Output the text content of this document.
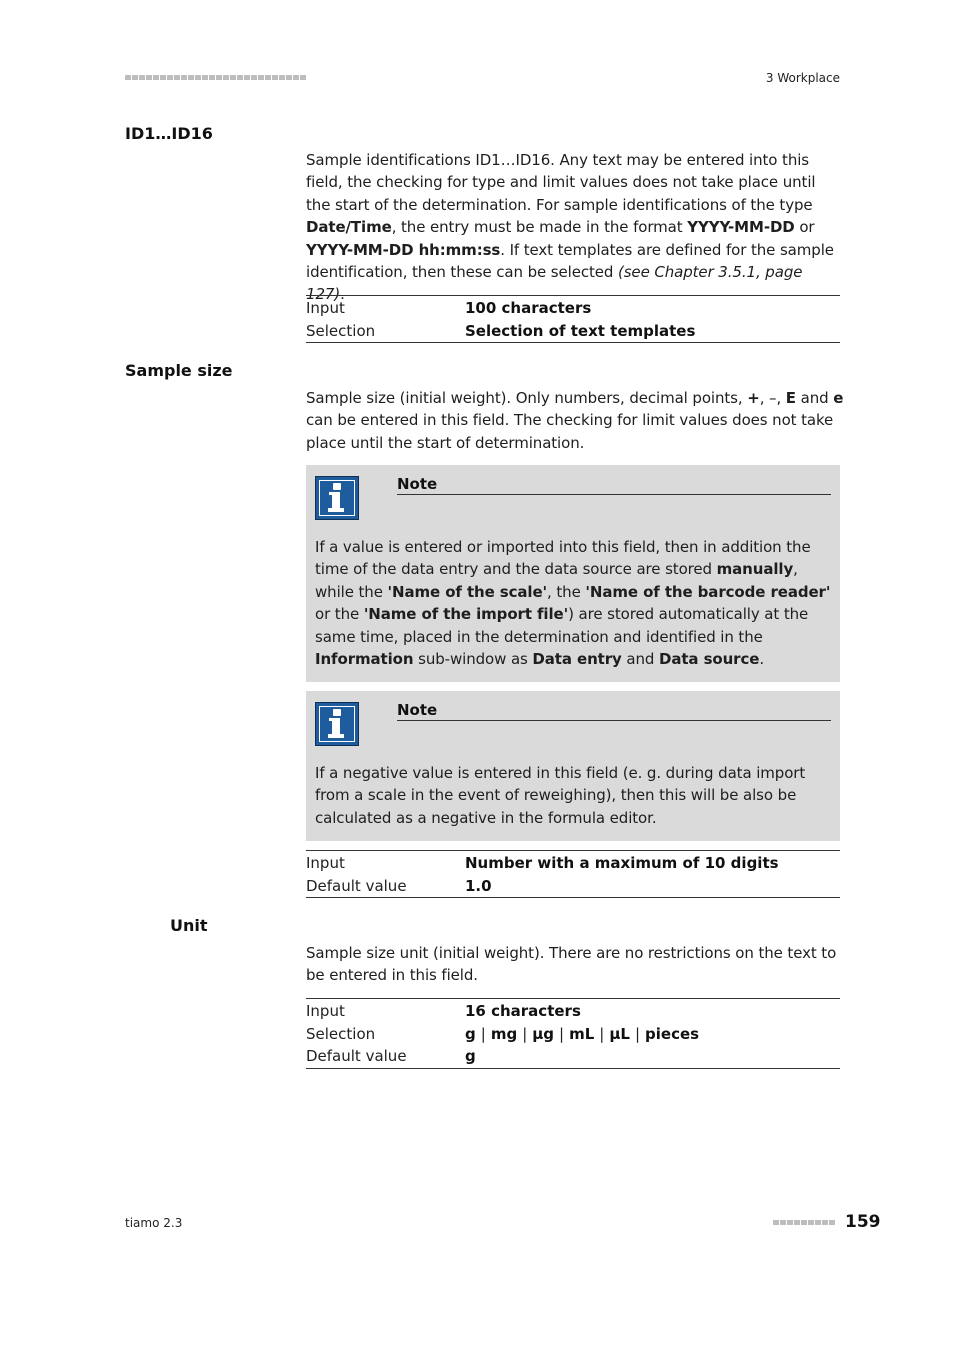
3 Workplace
ID1…ID16

Sample identifications ID1…ID16. Any text may be entered into this field, the checking for type and limit values does not take place until the start of the determination. For sample identifications of the type Date/Time, the entry must be made in the format YYYY-MM-DD or YYYY-MM-DD hh:mm:ss. If text templates are defined for the sample identification, then these can be selected (see Chapter 3.5.1, page 127).

Input	100 characters
Selection	Selection of text templates
Sample size

Sample size (initial weight). Only numbers, decimal points, +, –, E and e can be entered in this field. The checking for limit values does not take place until the start of determination.

Note

If a value is entered or imported into this field, then in addition the time of the data entry and the data source are stored manually, while the 'Name of the scale', the 'Name of the barcode reader' or the 'Name of the import file') are stored automatically at the same time, placed in the determination and identified in the Information sub-window as Data entry and Data source.

Note

If a negative value is entered in this field (e. g. during data import from a scale in the event of reweighing), then this will be also be calculated as a negative in the formula editor.

Input	Number with a maximum of 10 digits
Default value	1.0
Unit

Sample size unit (initial weight). There are no restrictions on the text to be entered in this field.

Input	16 characters
Selection	g | mg | µg | mL | µL | pieces
Default value	g
tiamo 2.3	159
